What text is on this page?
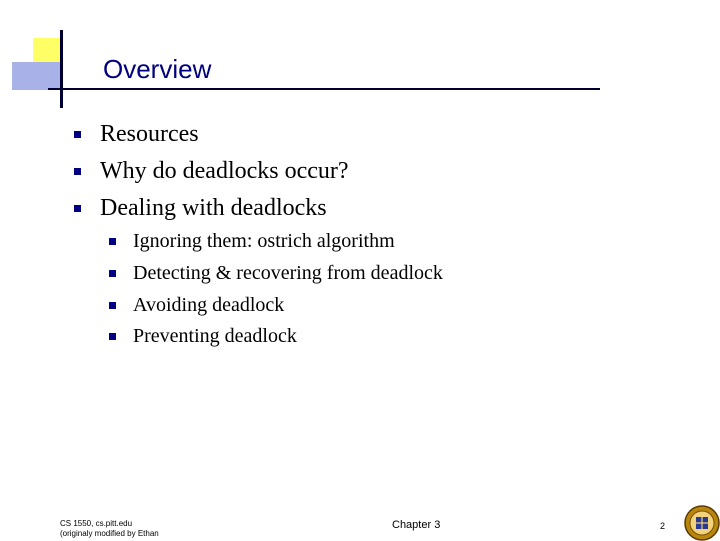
Overview
Resources
Why do deadlocks occur?
Dealing with deadlocks
Ignoring them: ostrich algorithm
Detecting & recovering from deadlock
Avoiding deadlock
Preventing deadlock
CS 1550, cs.pitt.edu
(originaly modified by Ethan
Chapter 3	2
